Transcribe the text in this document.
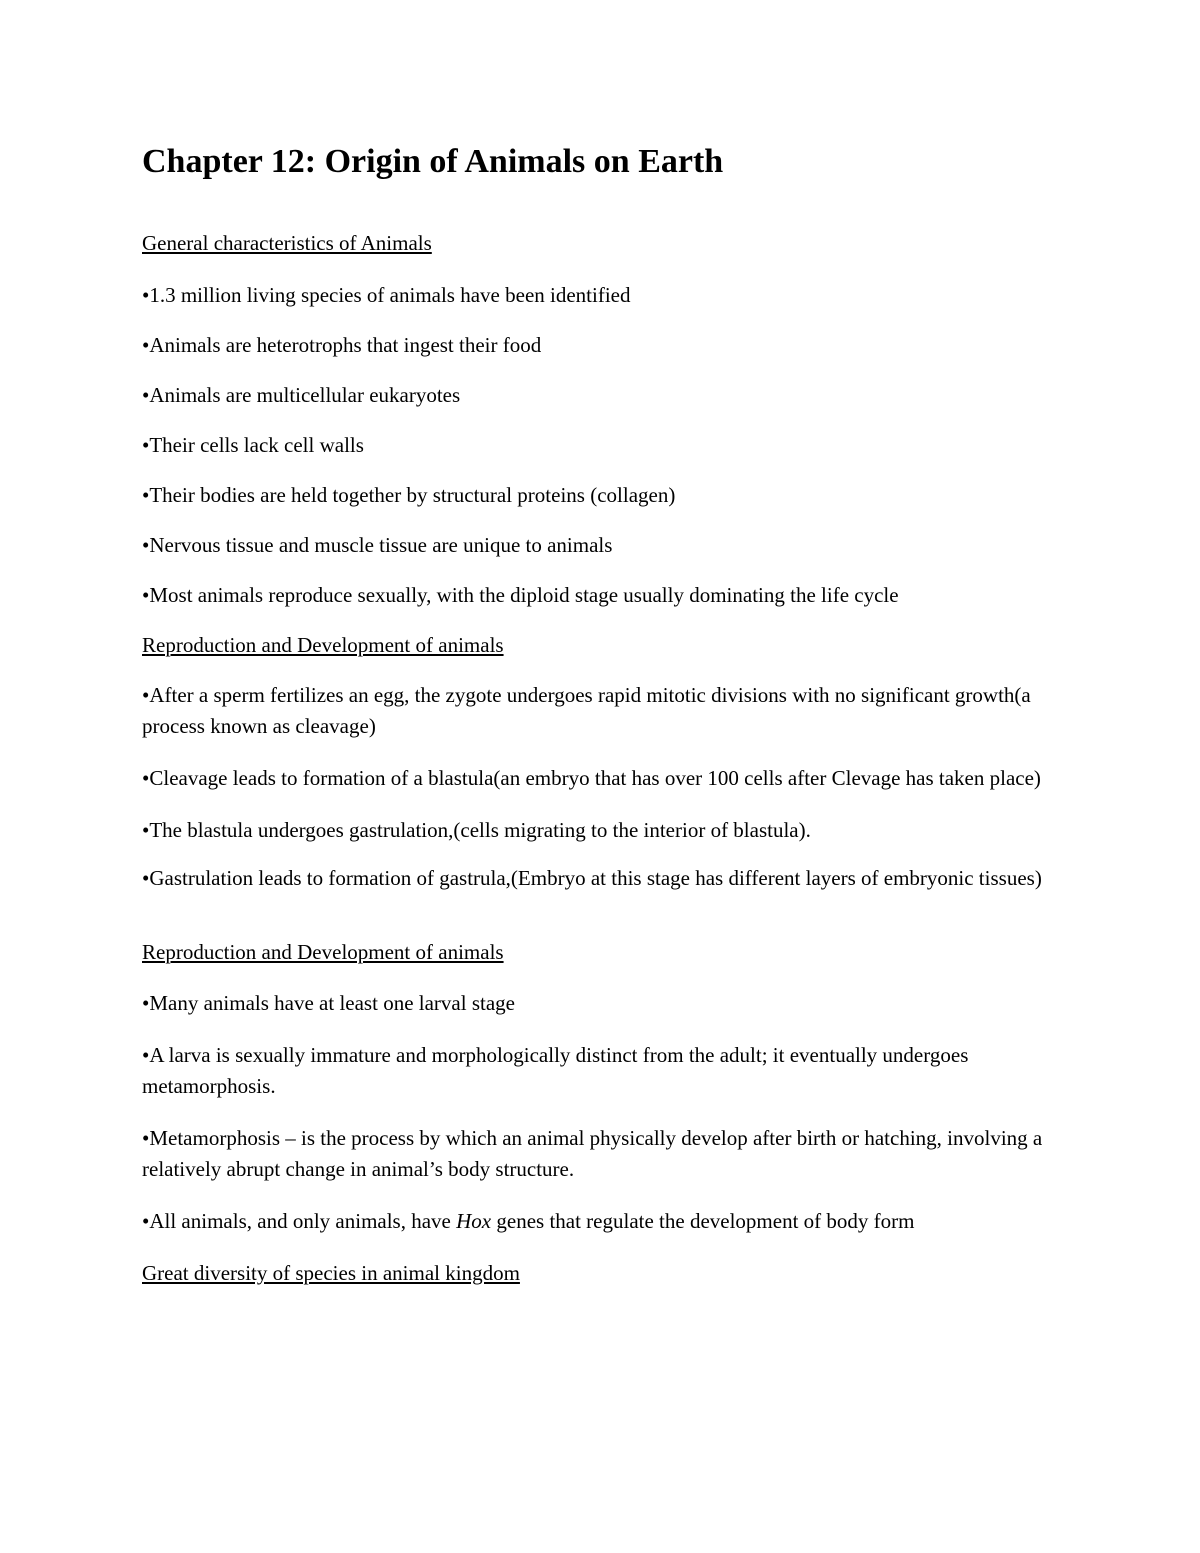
Chapter 12: Origin of Animals on Earth

General characteristics of Animals

•1.3 million living species of animals have been identified

•Animals are heterotrophs that ingest their food

•Animals are multicellular eukaryotes

•Their cells lack cell walls

•Their bodies are held together by structural proteins (collagen)

•Nervous tissue and muscle tissue are unique to animals

•Most animals reproduce sexually, with the diploid stage usually dominating the life cycle

Reproduction and Development of animals

•After a sperm fertilizes an egg, the zygote undergoes rapid mitotic divisions with no significant growth(a process known as cleavage)

•Cleavage leads to formation of a blastula(an embryo that has over 100 cells after Clevage has taken place)

•The blastula undergoes gastrulation,(cells migrating to the interior of blastula).

•Gastrulation leads to formation of gastrula,(Embryo at this stage has different layers of embryonic tissues)

Reproduction and Development of animals

•Many animals have at least one larval stage

•A larva is sexually immature and morphologically distinct from the adult; it eventually undergoes metamorphosis.

•Metamorphosis – is the process by which an animal physically develop after birth or hatching, involving a relatively abrupt change in animal’s body structure.

•All animals, and only animals, have Hox genes that regulate the development of body form

Great diversity of species in animal kingdom
